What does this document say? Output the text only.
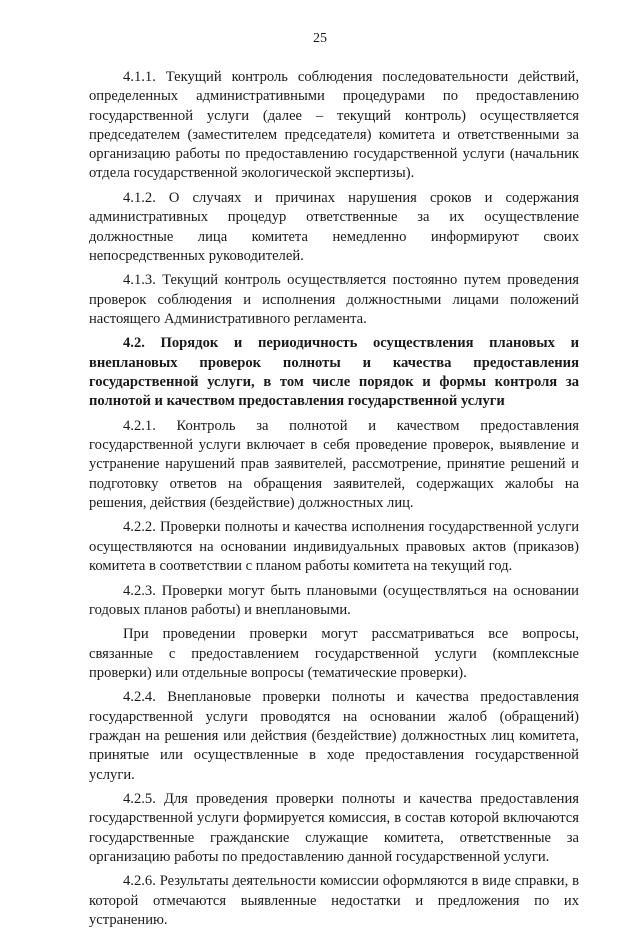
25

4.1.1. Текущий контроль соблюдения последовательности действий, определенных административными процедурами по предоставлению государственной услуги (далее – текущий контроль) осуществляется председателем (заместителем председателя) комитета и ответственными за организацию работы по предоставлению государственной услуги (начальник отдела государственной экологической экспертизы).

4.1.2. О случаях и причинах нарушения сроков и содержания административных процедур ответственные за их осуществление должностные лица комитета немедленно информируют своих непосредственных руководителей.

4.1.3. Текущий контроль осуществляется постоянно путем проведения проверок соблюдения и исполнения должностными лицами положений настоящего Административного регламента.

4.2. Порядок и периодичность осуществления плановых и внеплановых проверок полноты и качества предоставления государственной услуги, в том числе порядок и формы контроля за полнотой и качеством предоставления государственной услуги

4.2.1. Контроль за полнотой и качеством предоставления государственной услуги включает в себя проведение проверок, выявление и устранение нарушений прав заявителей, рассмотрение, принятие решений и подготовку ответов на обращения заявителей, содержащих жалобы на решения, действия (бездействие) должностных лиц.

4.2.2. Проверки полноты и качества исполнения государственной услуги осуществляются на основании индивидуальных правовых актов (приказов) комитета в соответствии с планом работы комитета на текущий год.

4.2.3. Проверки могут быть плановыми (осуществляться на основании годовых планов работы) и внеплановыми.

При проведении проверки могут рассматриваться все вопросы, связанные с предоставлением государственной услуги (комплексные проверки) или отдельные вопросы (тематические проверки).

4.2.4. Внеплановые проверки полноты и качества предоставления государственной услуги проводятся на основании жалоб (обращений) граждан на решения или действия (бездействие) должностных лиц комитета, принятые или осуществленные в ходе предоставления государственной услуги.

4.2.5. Для проведения проверки полноты и качества предоставления государственной услуги формируется комиссия, в состав которой включаются государственные гражданские служащие комитета, ответственные за организацию работы по предоставлению данной государственной услуги.

4.2.6. Результаты деятельности комиссии оформляются в виде справки, в которой отмечаются выявленные недостатки и предложения по их устранению.
